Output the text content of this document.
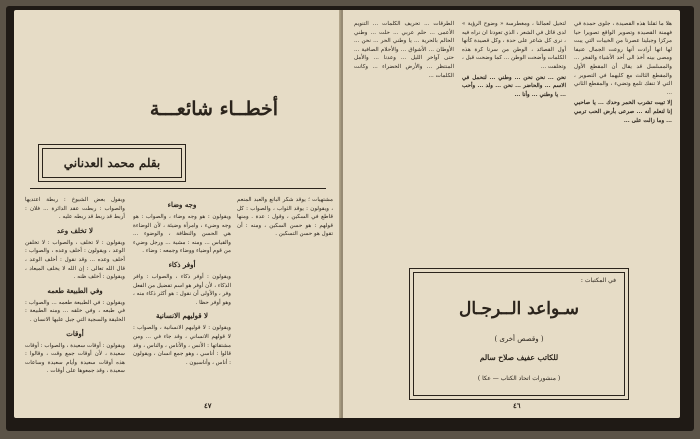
أخطــاء شائعـــة
بقلم محمد العدناني
مشتهيات ؛ يوقد شكر البانع والعبد المنعم ، ويقولون : يوقد الثواب ، والصواب : كل قاطع في السكين ، وقول : عدة . ومنها قولهم : هو حسن السكين ، ومنه : أن تقول هو حسن التسكين .
وجه وضاء
ويقولون : هو وجه وضاء ، والصواب : هو وجه وضيء ، وامرأة وضيئة ، لأن الوضاءة هي الحسن والنظافة ، والوضوء ... والقياس ... ومنه : مشية ... ورجل وضيء من قوم أوضياء ووضاء وجمعه : وضاء .
أوفر ذكاء
ويقولون : أوفر ذكاء ، والصواب : وافر الذكاء ، لأن أوفر هو اسم تفضيل من الفعل وفر ، والأولى أن نقول : هو أكثر ذكاء منه ، وهو أوفر حظا .
لا قوليهم الانسانية
ويقولون : لا قوليهم الانسانية ، والصواب : لا قولهم الانساني ، وقد جاء في ... ومن مشتقاتها : الأنس ، والأناس ، والناس ، وقد قالوا : أناسي ، وهو جمع انسان ، ويقولون : أناس ، وأناسيون .
ويقول بعض الشيوخ : ربطة اعتديها والصواب : ربطت عقد الدائرة ... فلان : أربط قد ربط قد ربطه عليه .
لا تخلف وعد
ويقولون : لا تخلف ، والصواب : لا تخلفن الوعد ، ويقولون : أخلف وعده ، والصواب : أخلف وعده ... وقد نقول : أخلف الوعد ، قال الله تعالى : إن الله لا يخلف الميعاد ، ويقولون : أخلف ظنه .
وفي الطبيعة طعمه
ويقولون : في الطبيعة طعمه ... والصواب : في طبعه ، وفي خلقه ... ومنه الطبيعة : الخليقة والسجية التي جبل عليها الانسان .
أوقات
ويقولون : أوقات سعيدة ، والصواب : أوقات سعيدة ، لأن أوقات جمع وقت ، وقالوا : هذه أوقات سعيدة وأيام سعيدة وساعات سعيدة ، وقد جمعوها على أوقات .
٤٧
هلا ما ثقلنا هذه القصيدة ، جلوى حمدة في فهمنة القصيدة وتصوير الواقع تصويرا حيا مركزا وجبلينا عصرنا من الخيبات التي يبت لها انها أرادت أنها روعت الجمال عنيفا ومصى بينه أخذ الى أحد الأشياء والفجر ... والمسلسل قد يقال أن المقطع الأول والمقطع الثالث مع كليهما في التصوير ، التي لا تنفك تلمع وتضيء ، والمقطع الثاني ...
إلا تبيت تشرب الخمر وحدك ... يا صاحبي إنا لنعلم أنه ... صرعى بأرض الحب ترمي ... وما زالت على ...
لتخيل لعمالنا ، ومغطرسة « وضوح الرؤية » لدى قائل في الشعر ، الذي تعودنا ان نراه فيه ، نرى كل شاعر على حدة ، وكل قصيدة كأنها أول القصائد ، الوطن من سرنا كرة هذه الكلمات وأضحت الوطن ... كما وضحت قبل ، وتخلفت ...
نحن ... نحن نحن ... وطني ... لنحمل في الاسم ... والحاضر ... نحن ... ولد ... وأحب ... يا وطني ... وأنا ...
الطرقات ... تحريف الكلمات ... التنويم الأعمى ... حلم عربي ... حلت ... وطني الحالم بالحرية ... يا وطني الحر ... نحن ... الأوطان ... الأشواق ... والأحلام الصافية ... حتى آواخر الليل ... وعدنا ... والأمل المنتظر ... والأرض الخضراء ... وكانت الكلمات ...
في المكتبات :
سـواعد الــرجـال
( وقصص أخرى )
للكاتب عفيف صلاح سالم
( منشورات اتحاد الكتاب — عكا )
٤٦
